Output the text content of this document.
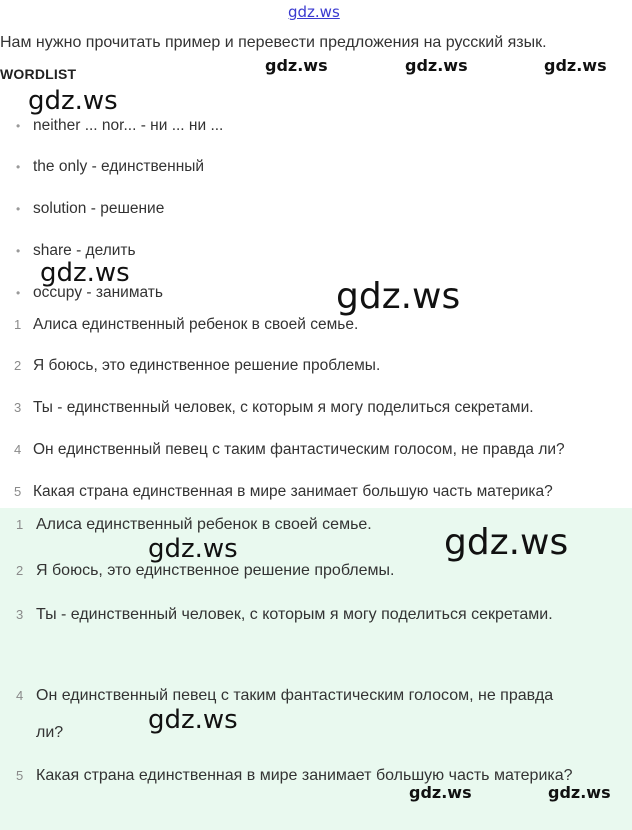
gdz.ws
gdz.ws	gdz.ws	gdz.ws
gdz.ws
gdz.ws
gdz.ws
Нам нужно прочитать пример и перевести предложения на русский язык.
WORDLIST
• neither ... nor... - ни ... ни ...
• the only - единственный
• solution - решение
• share - делить
• occupy - занимать
1 Алиса единственный ребенок в своей семье.
2 Я боюсь, это единственное решение проблемы.
3 Ты - единственный человек, с которым я могу поделиться секретами.
4 Он единственный певец с таким фантастическим голосом, не правда ли?
5 Какая страна единственная в мире занимает большую часть материка?
1 Алиса единственный ребенок в своей семье.
2 Я боюсь, это единственное решение проблемы.
3 Ты - единственный человек, с которым я могу поделиться секретами.
4 Он единственный певец с таким фантастическим голосом, не правда ли?
5 Какая страна единственная в мире занимает большую часть материка?
gdz.ws	gdz.ws
gdz.ws
gdz.ws	gdz.ws
